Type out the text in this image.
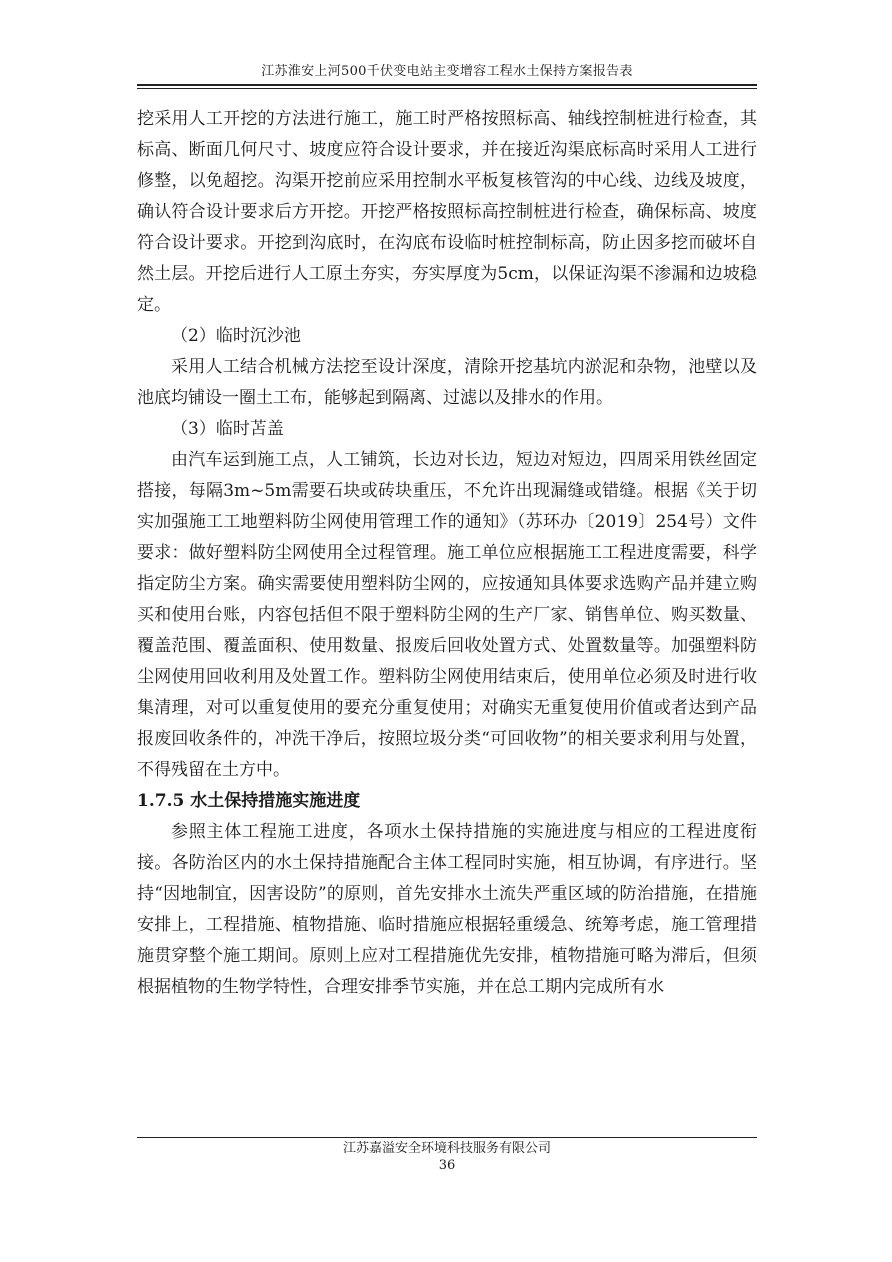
江苏淮安上河500千伏变电站主变增容工程水土保持方案报告表

挖采用人工开挖的方法进行施工，施工时严格按照标高、轴线控制桩进行检查，其标高、断面几何尺寸、坡度应符合设计要求，并在接近沟渠底标高时采用人工进行修整，以免超挖。沟渠开挖前应采用控制水平板复核管沟的中心线、边线及坡度，确认符合设计要求后方开挖。开挖严格按照标高控制桩进行检查，确保标高、坡度符合设计要求。开挖到沟底时，在沟底布设临时桩控制标高，防止因多挖而破坏自然土层。开挖后进行人工原土夯实，夯实厚度为5cm，以保证沟渠不渗漏和边坡稳定。

（2）临时沉沙池

采用人工结合机械方法挖至设计深度，清除开挖基坑内淤泥和杂物，池壁以及池底均铺设一圈土工布，能够起到隔离、过滤以及排水的作用。

（3）临时苫盖

由汽车运到施工点，人工铺筑，长边对长边，短边对短边，四周采用铁丝固定搭接，每隔3m~5m需要石块或砖块重压，不允许出现漏缝或错缝。根据《关于切实加强施工工地塑料防尘网使用管理工作的通知》（苏环办〔2019〕254号）文件要求：做好塑料防尘网使用全过程管理。施工单位应根据施工工程进度需要，科学指定防尘方案。确实需要使用塑料防尘网的，应按通知具体要求选购产品并建立购买和使用台账，内容包括但不限于塑料防尘网的生产厂家、销售单位、购买数量、覆盖范围、覆盖面积、使用数量、报废后回收处置方式、处置数量等。加强塑料防尘网使用回收利用及处置工作。塑料防尘网使用结束后，使用单位必须及时进行收集清理，对可以重复使用的要充分重复使用；对确实无重复使用价值或者达到产品报废回收条件的，冲洗干净后，按照垃圾分类“可回收物”的相关要求利用与处置，不得残留在土方中。

1.7.5 水土保持措施实施进度

参照主体工程施工进度，各项水土保持措施的实施进度与相应的工程进度衔接。各防治区内的水土保持措施配合主体工程同时实施，相互协调，有序进行。坚持“因地制宜，因害设防”的原则，首先安排水土流失严重区域的防治措施，在措施安排上，工程措施、植物措施、临时措施应根据轻重缓急、统筹考虑，施工管理措施贯穿整个施工期间。原则上应对工程措施优先安排，植物措施可略为滞后，但须根据植物的生物学特性，合理安排季节实施，并在总工期内完成所有水

江苏嘉溢安全环境科技服务有限公司
36
